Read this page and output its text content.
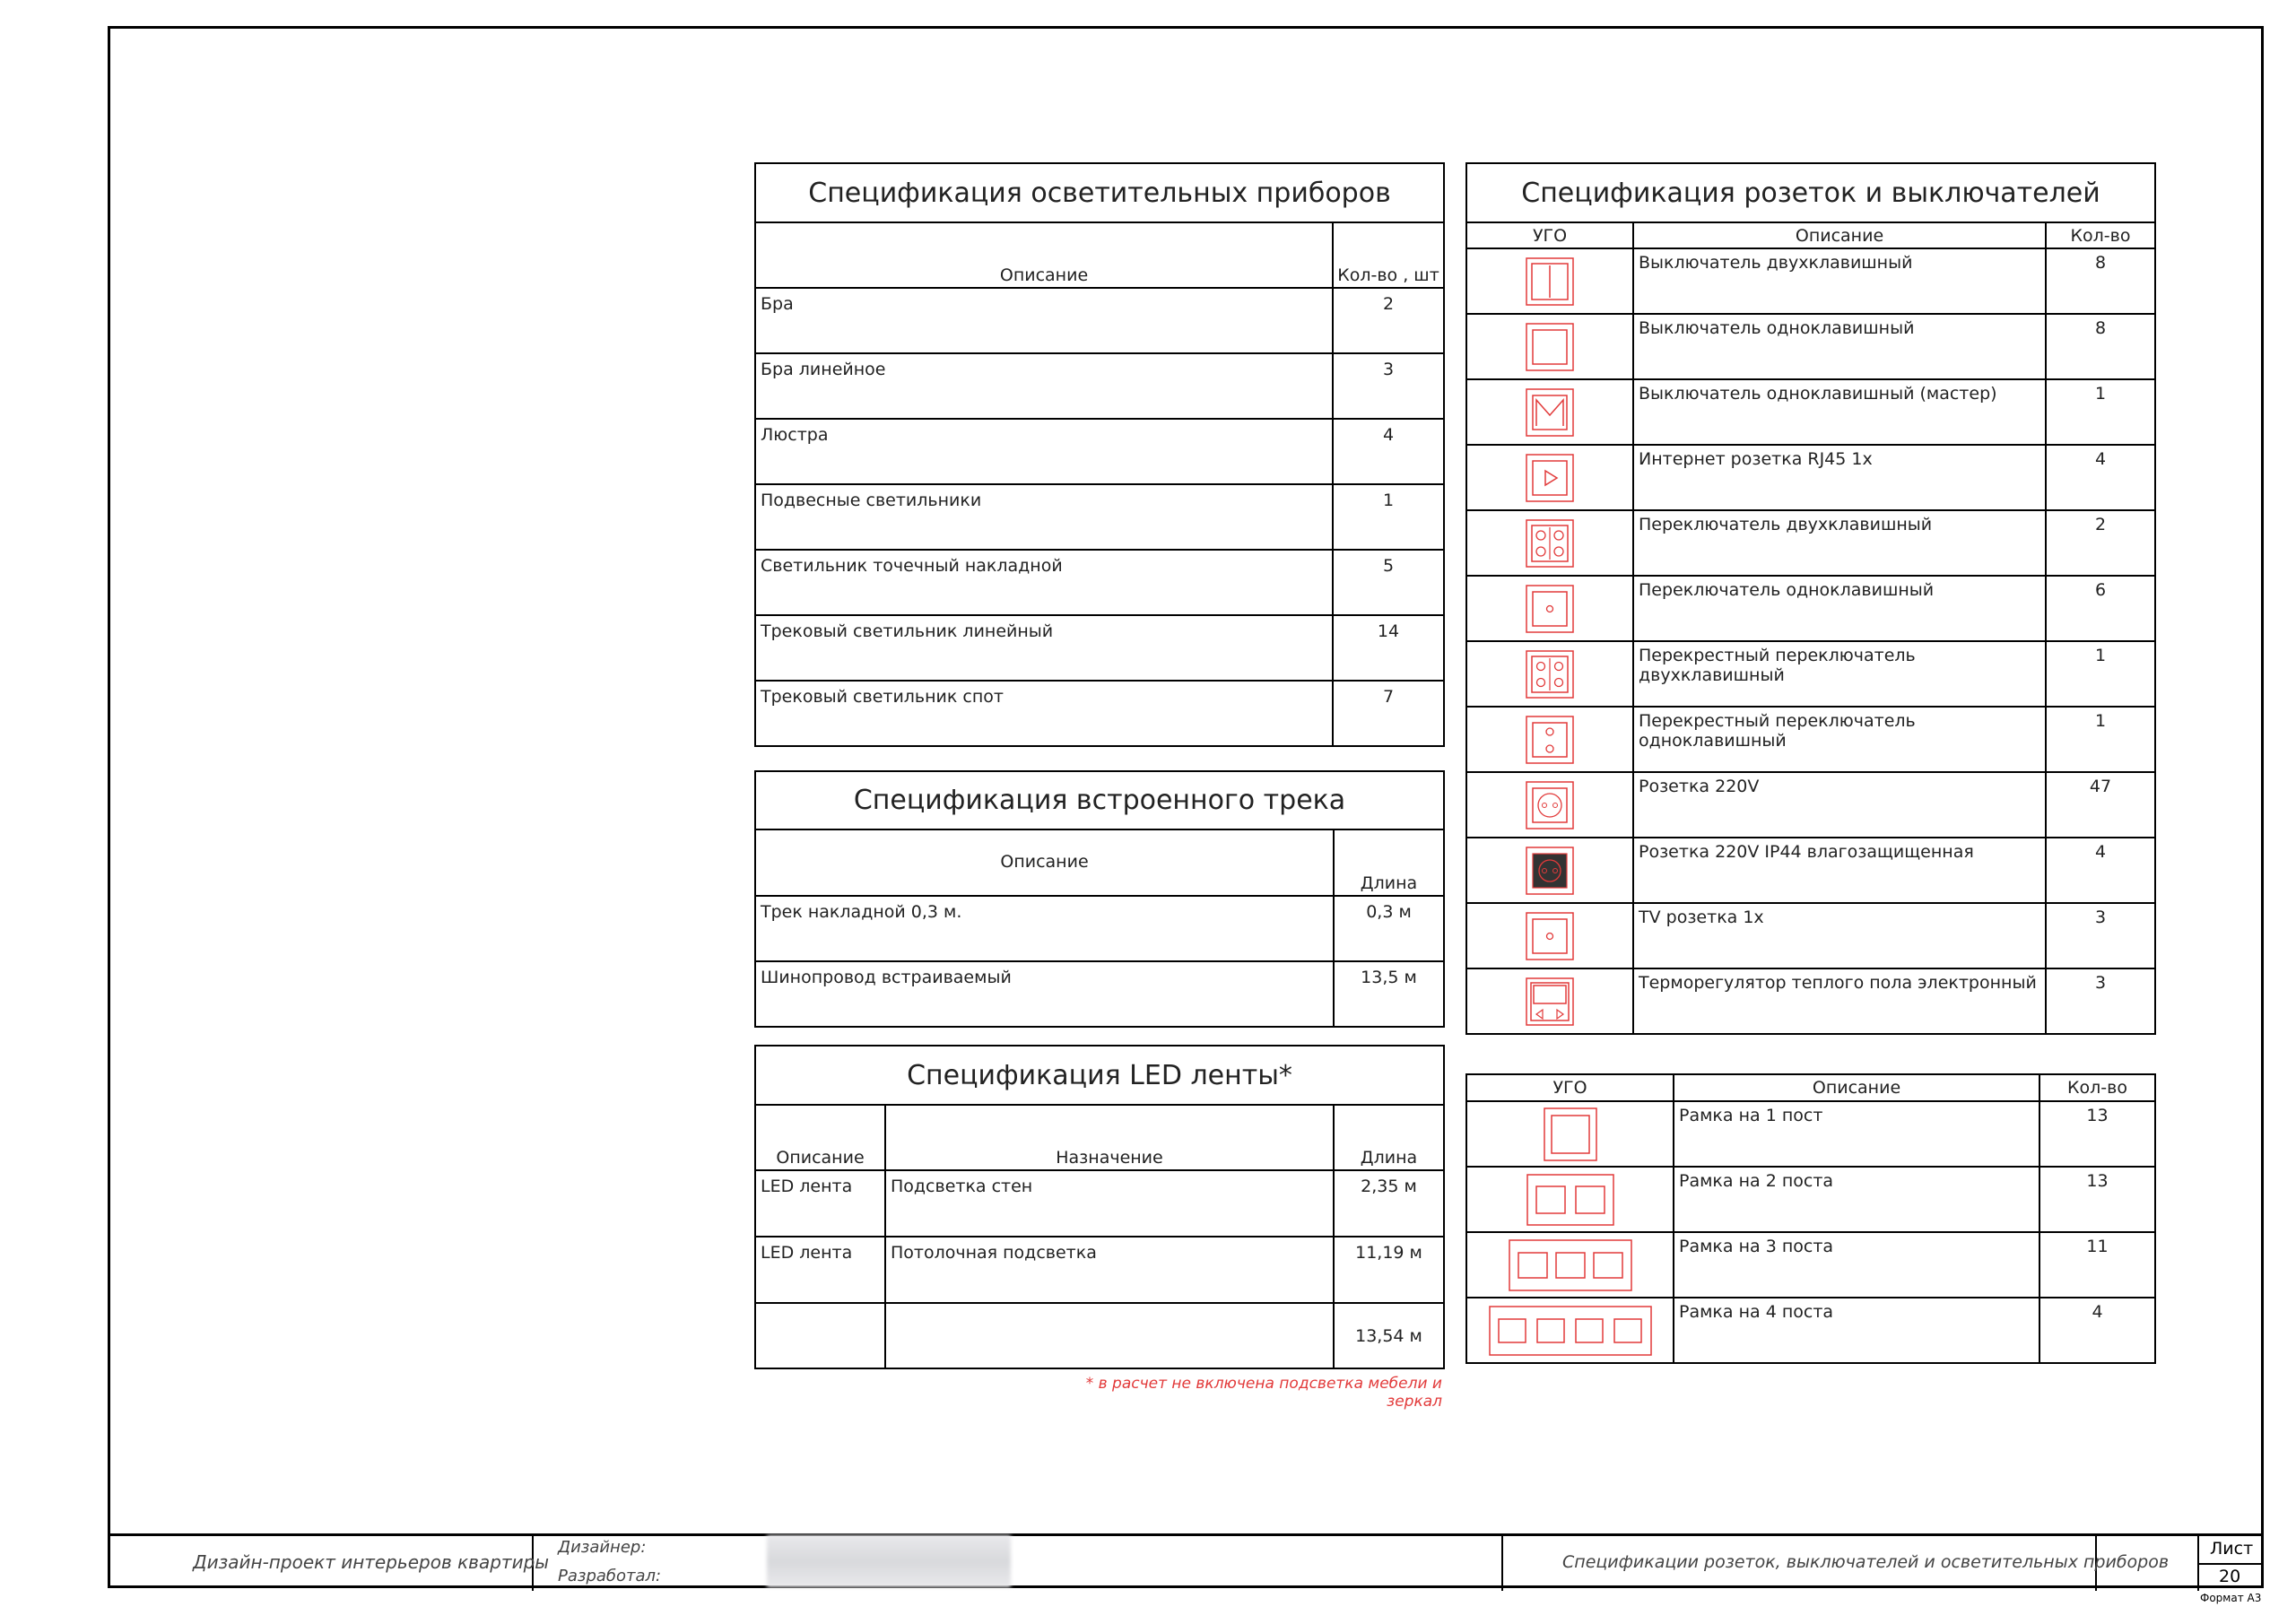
Спецификация осветительных приборов	
Описание	Кол-во , шт
Бра	2
Бра линейное	3
Люстра	4
Подвесные светильники	1
Светильник точечный накладной	5
Трековый светильник линейный	14
Трековый светильник спот	7
Спецификация встроенного трека	
Описание	Длина
Трек накладной 0,3 м.	0,3 м
Шинопровод встраиваемый	13,5 м
Спецификация LED ленты*		
Описание	Назначение	Длина
LED лента	Подсветка стен	2,35 м
LED лента	Потолочная подсветка	11,19 м
		13,54 м
* в расчет не включена подсветка мебели и зеркал
Спецификация розеток и выключателей		
УГО	Описание	Кол-во

	Выключатель двухклавишный	8

	Выключатель одноклавишный	8

	Выключатель одноклавишный (мастер)	1

	Интернет розетка RJ45 1x	4

	Переключатель двухклавишный	2

	Переключатель одноклавишный	6

	Перекрестный переключатель двухклавишный	1

	Перекрестный переключатель одноклавишный	1

	Розетка 220V	47

	Розетка 220V IP44 влагозащищенная	4

	TV розетка 1x	3

	Терморегулятор теплого пола электронный	3
УГО	Описание	Кол-во

	Рамка на 1 пост	13

	Рамка на 2 поста	13

	Рамка на 3 поста	11

	Рамка на 4 поста	4
Дизайн-проект интерьеров квартиры
Дизайнер:
Разработал:
Спецификации розеток, выключателей и осветительных приборов
Лист
20
Формат А3
